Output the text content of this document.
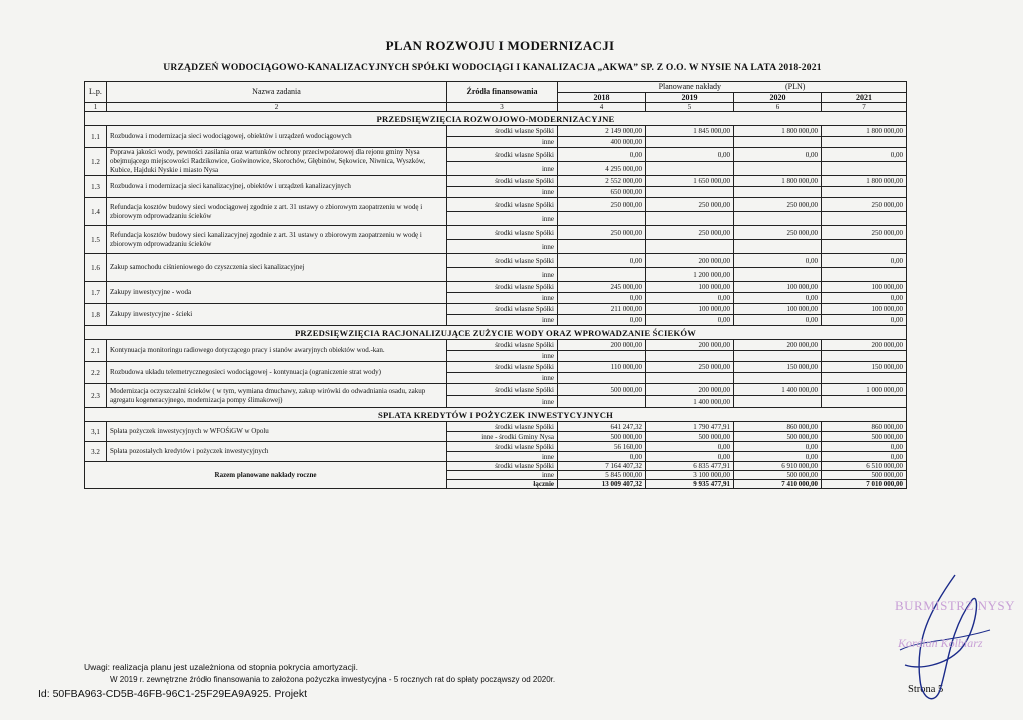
PLAN ROZWOJU I MODERNIZACJI
URZĄDZEŃ WODOCIĄGOWO-KANALIZACYJNYCH SPÓŁKI WODOCIĄGI I KANALIZACJA „AKWA” SP. Z O.O. W NYSIE NA LATA 2018-2021
L.p.	Nazwa zadania	Źródła finansowania	Planowane nakłady (PLN)			
			2018	2019	2020	2021
1	2	3	4	5	6	7
PRZEDSIĘWZIĘCIA ROZWOJOWO-MODERNIZACYJNE						
1.1	Rozbudowa i modernizacja sieci wodociągowej, obiektów i urządzeń wodociągowych	środki własne Spółki	2 149 000,00	1 845 000,00	1 800 000,00	1 800 000,00
		inne	400 000,00			
1.2	Poprawa jakości wody, pewności zasilania oraz wartunków ochrony przeciwpożarowej dla rejonu gminy Nysa obejmującego miejscowości Radzikowice, Goświnowice, Skorochów, Głębinów, Sękowice, Niwnica, Wyszków, Kubice, Hajduki Nyskie i miasto Nysa	środki własne Spółki	0,00	0,00	0,00	0,00
		inne	4 295 000,00			
1.3	Rozbudowa i modernizacja sieci kanalizacyjnej, obiektów i urządzeń kanalizacyjnych	środki własne Spółki	2 552 000,00	1 650 000,00	1 800 000,00	1 800 000,00
		inne	650 000,00			
1.4	Refundacja kosztów budowy sieci wodociągowej zgodnie z art. 31 ustawy o zbiorowym zaopatrzeniu w wodę i zbiorowym odprowadzaniu ścieków	środki własne Spółki	250 000,00	250 000,00	250 000,00	250 000,00
		inne				
1.5	Refundacja kosztów budowy sieci kanalizacyjnej zgodnie z art. 31 ustawy o zbiorowym zaopatrzeniu w wodę i zbiorowym odprowadzaniu ścieków	środki własne Spółki	250 000,00	250 000,00	250 000,00	250 000,00
		inne				
1.6	Zakup samochodu ciśnieniowego do czyszczenia sieci kanalizacyjnej	środki własne Spółki	0,00	200 000,00	0,00	0,00
		inne		1 200 000,00		
1.7	Zakupy inwestycyjne - woda	środki własne Spółki	245 000,00	100 000,00	100 000,00	100 000,00
		inne	0,00	0,00	0,00	0,00
1.8	Zakupy inwestycyjne - ścieki	środki własne Spółki	211 000,00	100 000,00	100 000,00	100 000,00
		inne	0,00	0,00	0,00	0,00
PRZEDSIĘWZIĘCIA RACJONALIZUJĄCE ZUŻYCIE WODY ORAZ WPROWADZANIE ŚCIEKÓW						
2.1	Kontynuacja monitoringu radiowego dotyczącego pracy i stanów awaryjnych obiektów wod.-kan.	środki własne Spółki	200 000,00	200 000,00	200 000,00	200 000,00
		inne				
2.2	Rozbudowa układu telemetrycznegosieci wodociągowej - kontynuacja (ograniczenie strat wody)	środki własne Spółki	110 000,00	250 000,00	150 000,00	150 000,00
		inne				
2.3	Modernizacja oczyszczalni ścieków ( w tym, wymiana dmuchawy, zakup wirówki do odwadniania osadu, zakup agregatu kogeneracyjnego, modernizacja pompy ślimakowej)	środki własne Spółki	500 000,00	200 000,00	1 400 000,00	1 000 000,00
		inne		1 400 000,00		
SPLATA KREDYTÓW I POŻYCZEK INWESTYCYJNYCH						
3,1	Spłata pożyczek inwestycyjnych w WFOŚiGW w Opolu	środki własne Spółki	641 247,32	1 790 477,91	860 000,00	860 000,00
		inne - środki Gminy Nysa	500 000,00	500 000,00	500 000,00	500 000,00
3.2	Spłata pozostałych kredytów i pożyczek inwestycyjnych	środki własne Spółki	56 160,00	0,00	0,00	0,00
		inne	0,00	0,00	0,00	0,00
Razem planowane nakłady roczne		środki własne Spółki	7 164 407,32	6 835 477,91	6 910 000,00	6 510 000,00
		inne	5 845 000,00	3 100 000,00	500 000,00	500 000,00
		łącznie	13 009 407,32	9 935 477,91	7 410 000,00	7 010 000,00
Uwagi: realizacja planu jest uzależniona od stopnia pokrycia amortyzacji.
W 2019 r. zewnętrzne źródło finansowania to założona pożyczka inwestycyjna - 5 rocznych rat do spłaty począwszy od 2020r.
Id: 50FBA963-CD5B-46FB-96C1-25F29EA9A925. Projekt	Strona 5
BURMISTRZ NYSY
Kordian Kolbiarz
